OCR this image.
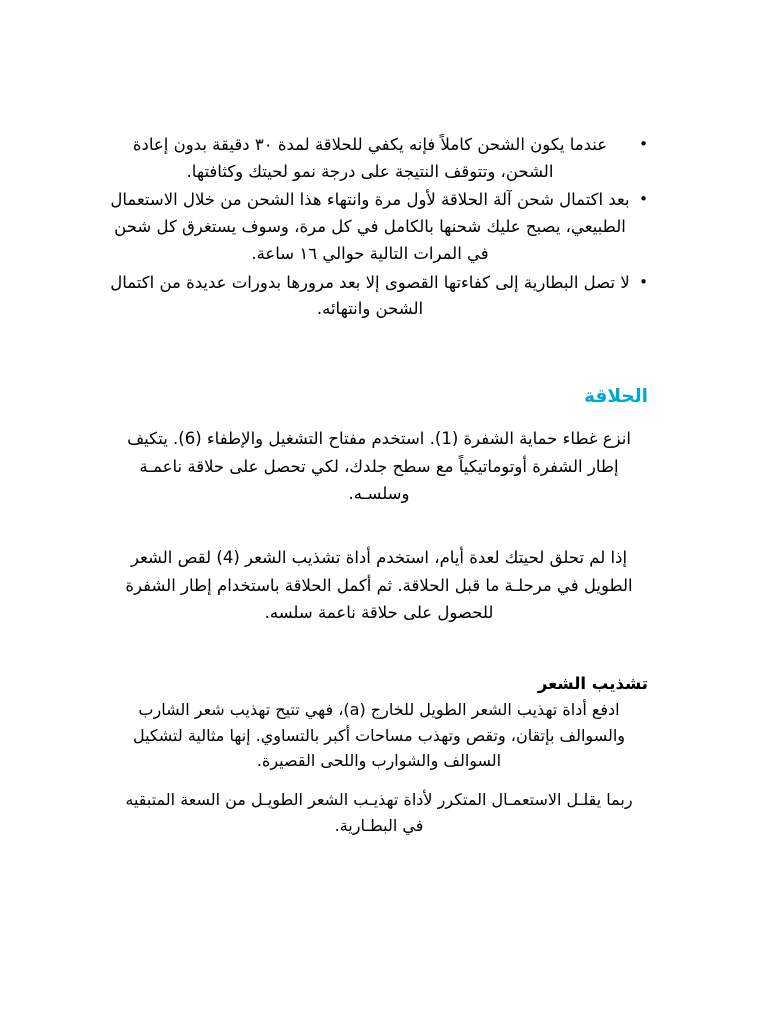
• عندما يكون الشحن كاملاً فإنه يكفي للحلاقة لمدة ٣٠ دقيقة بدون إعادة الشحن، وتتوقف النتيجة على درجة نمو لحيتك وكثافتها.
• بعد اكتمال شحن آلة الحلاقة لأول مرة وانتهاء هذا الشحن من خلال الاستعمال الطبيعي، يصبح عليك شحنها بالكامل في كل مرة، وسوف يستغرق كل شحن في المرات التالية حوالي ١٦ ساعة.
• لا تصل البطارية إلى كفاءتها القصوى إلا بعد مرورها بدورات عديدة من اكتمال الشحن وانتهائه.
الحلاقة

انزع غطاء حماية الشفرة (1). استخدم مفتاح التشغيل والإطفاء (6). يتكيف إطار الشفرة أوتوماتيكياً مع سطح جلدك، لكي تحصل على حلاقة ناعمـة وسلسـه.

إذا لم تحلق لحيتك لعدة أيام، استخدم أداة تشذيب الشعر (4) لقص الشعر الطويل في مرحلـة ما قبل الحلاقة. ثم أكمل الحلاقة باستخدام إطار الشفرة للحصول على حلاقة ناعمة سلسه.

تشذيب الشعر

ادفع أداة تهذيب الشعر الطويل للخارج (a)، فهي تتيح تهذيب شعر الشارب والسوالف بإتقان، وتقص وتهذب مساحات أكبر بالتساوي. إنها مثالية لتشكيل السوالف والشوارب واللحى القصيرة.

ربما يقلـل الاستعمـال المتكرر لأداة تهذيـب الشعر الطويـل من السعة المتبقيه في البطـارية.
